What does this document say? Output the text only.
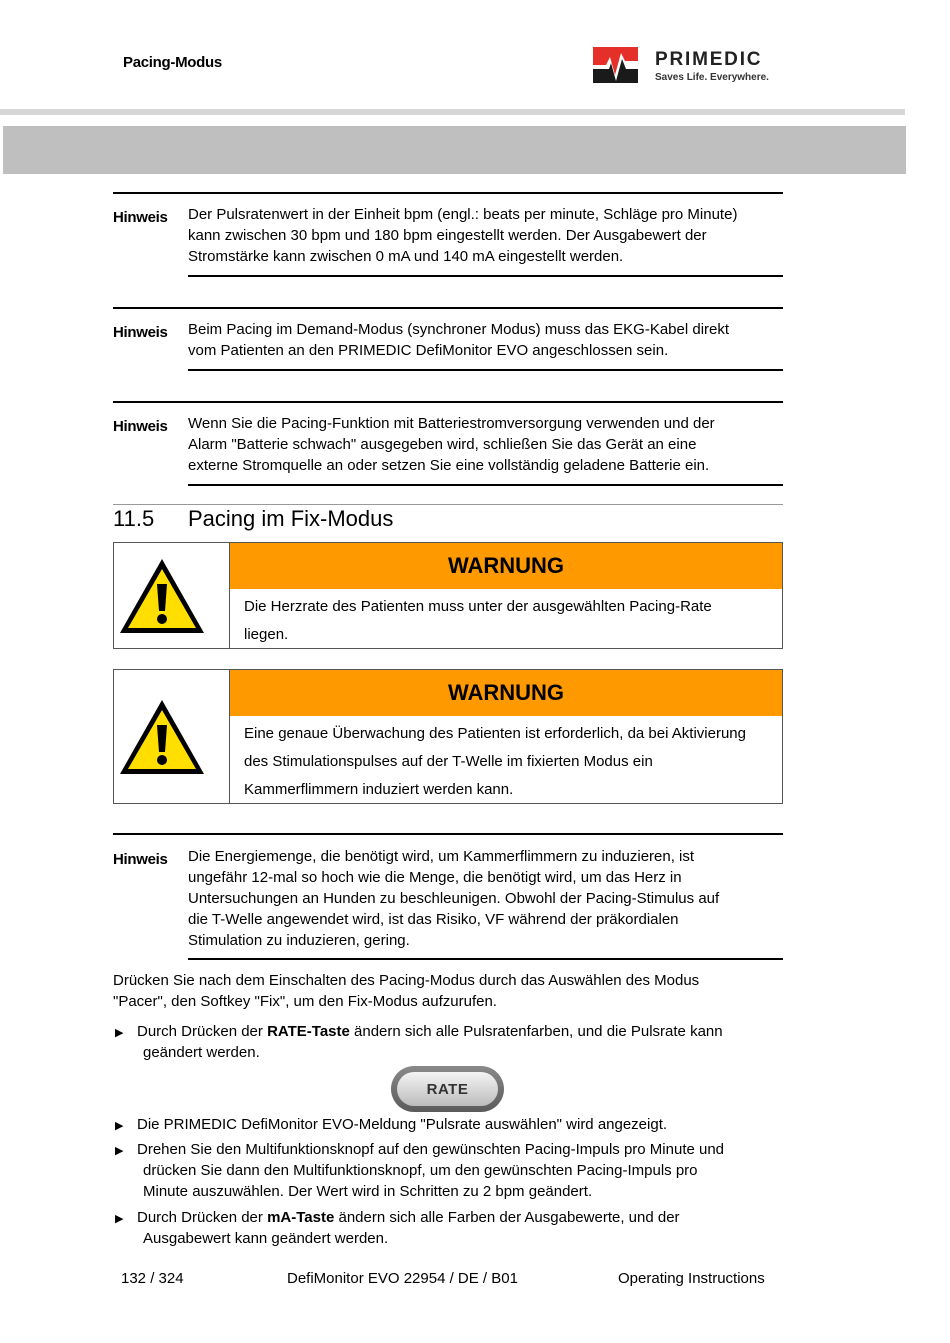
Pacing-Modus	PRIMEDIC
Saves Life. Everywhere.
Hinweis Der Pulsratenwert in der Einheit bpm (engl.: beats per minute, Schläge pro Minute)
kann zwischen 30 bpm und 180 bpm eingestellt werden. Der Ausgabewert der
Stromstärke kann zwischen 0 mA und 140 mA eingestellt werden.
Hinweis Beim Pacing im Demand-Modus (synchroner Modus) muss das EKG-Kabel direkt
vom Patienten an den PRIMEDIC DefiMonitor EVO angeschlossen sein.
Hinweis Wenn Sie die Pacing-Funktion mit Batteriestromversorgung verwenden und der
Alarm "Batterie schwach" ausgegeben wird, schließen Sie das Gerät an eine
externe Stromquelle an oder setzen Sie eine vollständig geladene Batterie ein.
11.5 Pacing im Fix-Modus
WARNUNG
Die Herzrate des Patienten muss unter der ausgewählten Pacing-Rate
liegen.
WARNUNG
Eine genaue Überwachung des Patienten ist erforderlich, da bei Aktivierung
des Stimulationspulses auf der T-Welle im fixierten Modus ein
Kammerflimmern induziert werden kann.
Hinweis Die Energiemenge, die benötigt wird, um Kammerflimmern zu induzieren, ist
ungefähr 12-mal so hoch wie die Menge, die benötigt wird, um das Herz in
Untersuchungen an Hunden zu beschleunigen. Obwohl der Pacing-Stimulus auf
die T-Welle angewendet wird, ist das Risiko, VF während der präkordialen
Stimulation zu induzieren, gering.
Drücken Sie nach dem Einschalten des Pacing-Modus durch das Auswählen des Modus
"Pacer", den Softkey "Fix", um den Fix-Modus aufzurufen.
▶ Durch Drücken der RATE-Taste ändern sich alle Pulsratenfarben, und die Pulsrate kann
geändert werden.
RATE
▶ Die PRIMEDIC DefiMonitor EVO-Meldung "Pulsrate auswählen" wird angezeigt.
▶ Drehen Sie den Multifunktionsknopf auf den gewünschten Pacing-Impuls pro Minute und
drücken Sie dann den Multifunktionsknopf, um den gewünschten Pacing-Impuls pro
Minute auszuwählen. Der Wert wird in Schritten zu 2 bpm geändert.
▶ Durch Drücken der mA-Taste ändern sich alle Farben der Ausgabewerte, und der
Ausgabewert kann geändert werden.
132 / 324	DefiMonitor EVO 22954 / DE / B01	Operating Instructions
